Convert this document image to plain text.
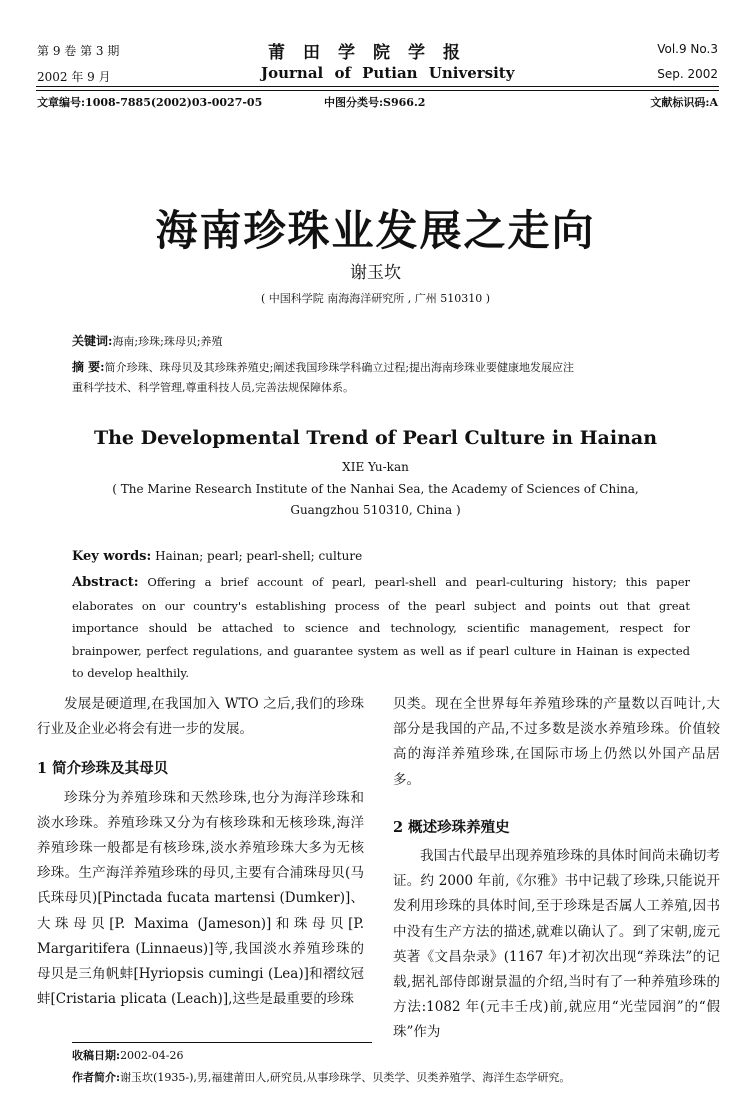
第 9 卷 第 3 期
2002 年 9 月
莆田学院学报
Journal of Putian University
Vol.9 No.3
Sep. 2002
文章编号:1008-7885(2002)03-0027-05	中图分类号:S966.2	文献标识码:A
海南珍珠业发展之走向
谢玉坎
( 中国科学院 南海海洋研究所 , 广州 510310 )
关键词:海南;珍珠;珠母贝;养殖
摘 要:简介珍珠、珠母贝及其珍珠养殖史;阐述我国珍珠学科确立过程;提出海南珍珠业要健康地发展应注
重科学技术、科学管理,尊重科技人员,完善法规保障体系。
The Developmental Trend of Pearl Culture in Hainan
XIE Yu-kan
( The Marine Research Institute of the Nanhai Sea, the Academy of Sciences of China,
Guangzhou 510310, China )
Key words: Hainan; pearl; pearl-shell; culture
Abstract: Offering a brief account of pearl, pearl-shell and pearl-culturing history; this paper elaborates on our country's establishing process of the pearl subject and points out that great importance should be attached to science and technology, scientific management, respect for brainpower, perfect regulations, and guarantee system as well as if pearl culture in Hainan is expected to develop healthily.

发展是硬道理,在我国加入 WTO 之后,我们的珍珠行业及企业必将会有进一步的发展。

1 简介珍珠及其母贝

珍珠分为养殖珍珠和天然珍珠,也分为海洋珍珠和淡水珍珠。养殖珍珠又分为有核珍珠和无核珍珠,海洋养殖珍珠一般都是有核珍珠,淡水养殖珍珠大多为无核珍珠。生产海洋养殖珍珠的母贝,主要有合浦珠母贝(马氏珠母贝)[Pinctada fucata martensi (Dumker)]、大珠母贝[P. Maxima (Jameson)]和珠母贝[P. Margaritifera (Linnaeus)]等,我国淡水养殖珍珠的母贝是三角帆蚌[Hyriopsis cumingi (Lea)]和褶纹冠蚌[Cristaria plicata (Leach)],这些是最重要的珍珠

贝类。现在全世界每年养殖珍珠的产量数以百吨计,大部分是我国的产品,不过多数是淡水养殖珍珠。价值较高的海洋养殖珍珠,在国际市场上仍然以外国产品居多。

2 概述珍珠养殖史

我国古代最早出现养殖珍珠的具体时间尚未确切考证。约 2000 年前,《尔雅》书中记载了珍珠,只能说开发利用珍珠的具体时间,至于珍珠是否属人工养殖,因书中没有生产方法的描述,就难以确认了。到了宋朝,庞元英著《文昌杂录》(1167 年)才初次出现“养珠法”的记载,据礼部侍郎谢景温的介绍,当时有了一种养殖珍珠的方法:1082 年(元丰壬戌)前,就应用“光莹园润”的“假珠”作为

收稿日期:2002-04-26
作者简介:谢玉坎(1935-),男,福建莆田人,研究员,从事珍珠学、贝类学、贝类养殖学、海洋生态学研究。
